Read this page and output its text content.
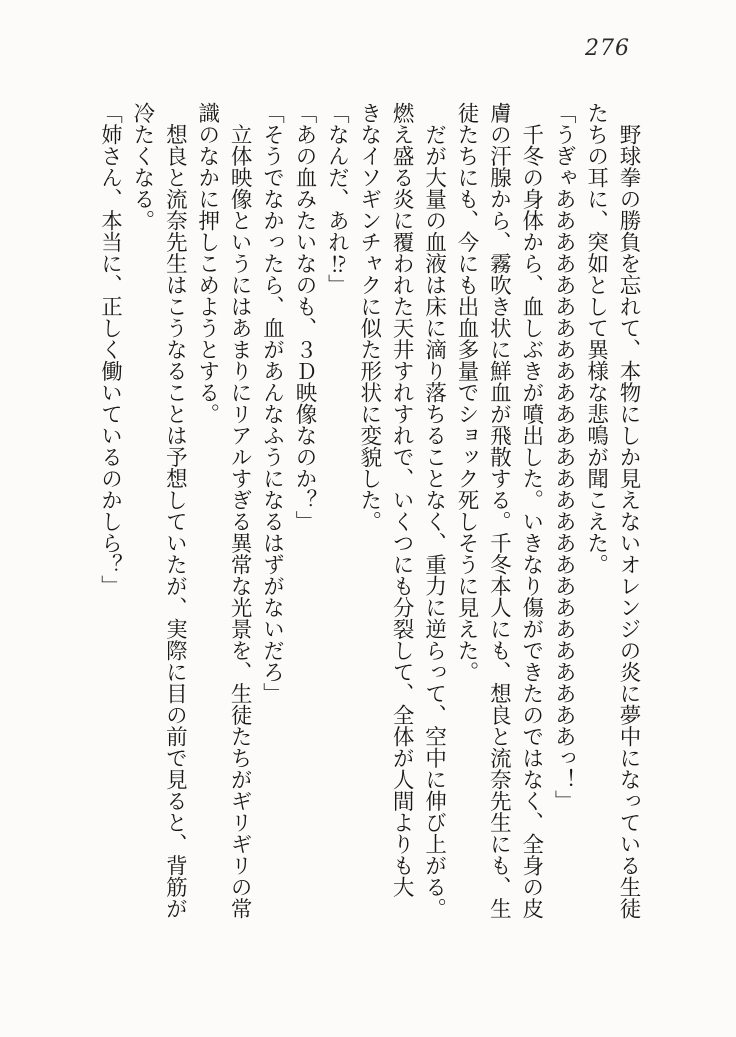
276
　野球拳の勝負を忘れて、本物にしか見えないオレンジの炎に夢中になっている生徒
たちの耳に、突如として異様な悲鳴が聞こえた。
「うぎゃああああああああああああああああああああああああああっ！」
　千冬の身体から、血しぶきが噴出した。いきなり傷ができたのではなく、全身の皮
膚の汗腺から、霧吹き状に鮮血が飛散する。千冬本人にも、想良と流奈先生にも、生
徒たちにも、今にも出血多量でショック死しそうに見えた。
　だが大量の血液は床に滴り落ちることなく、重力に逆らって、空中に伸び上がる。
燃え盛る炎に覆われた天井すれすれで、いくつにも分裂して、全体が人間よりも大
きなイソギンチャクに似た形状に変貌した。
「なんだ、あれ⁉」
「あの血みたいなのも、３Ｄ映像なのか？」
「そうでなかったら、血があんなふうになるはずがないだろ」
　立体映像というにはあまりにリアルすぎる異常な光景を、生徒たちがギリギリの常
識のなかに押しこめようとする。
　想良と流奈先生はこうなることは予想していたが、実際に目の前で見ると、背筋が
冷たくなる。
「姉さん、本当に、正しく働いているのかしら？」
